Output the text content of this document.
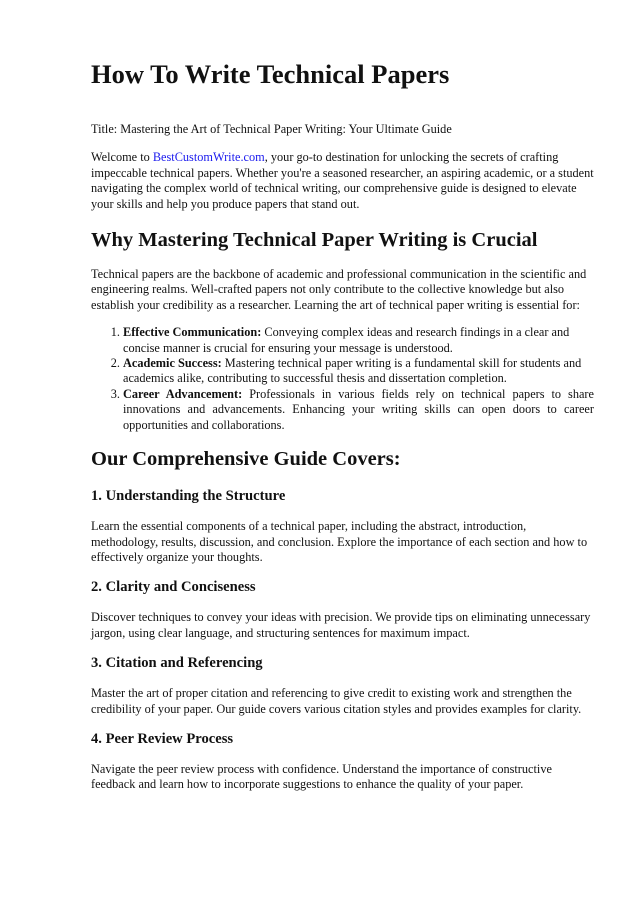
How To Write Technical Papers

Title: Mastering the Art of Technical Paper Writing: Your Ultimate Guide

Welcome to BestCustomWrite.com, your go-to destination for unlocking the secrets of crafting impeccable technical papers. Whether you're a seasoned researcher, an aspiring academic, or a student navigating the complex world of technical writing, our comprehensive guide is designed to elevate your skills and help you produce papers that stand out.

Why Mastering Technical Paper Writing is Crucial

Technical papers are the backbone of academic and professional communication in the scientific and engineering realms. Well-crafted papers not only contribute to the collective knowledge but also establish your credibility as a researcher. Learning the art of technical paper writing is essential for:

1. Effective Communication: Conveying complex ideas and research findings in a clear and concise manner is crucial for ensuring your message is understood.
2. Academic Success: Mastering technical paper writing is a fundamental skill for students and academics alike, contributing to successful thesis and dissertation completion.
3. Career Advancement: Professionals in various fields rely on technical papers to share innovations and advancements. Enhancing your writing skills can open doors to career opportunities and collaborations.
Our Comprehensive Guide Covers:
1. Understanding the Structure

Learn the essential components of a technical paper, including the abstract, introduction, methodology, results, discussion, and conclusion. Explore the importance of each section and how to effectively organize your thoughts.

2. Clarity and Conciseness

Discover techniques to convey your ideas with precision. We provide tips on eliminating unnecessary jargon, using clear language, and structuring sentences for maximum impact.

3. Citation and Referencing

Master the art of proper citation and referencing to give credit to existing work and strengthen the credibility of your paper. Our guide covers various citation styles and provides examples for clarity.

4. Peer Review Process

Navigate the peer review process with confidence. Understand the importance of constructive feedback and learn how to incorporate suggestions to enhance the quality of your paper.
